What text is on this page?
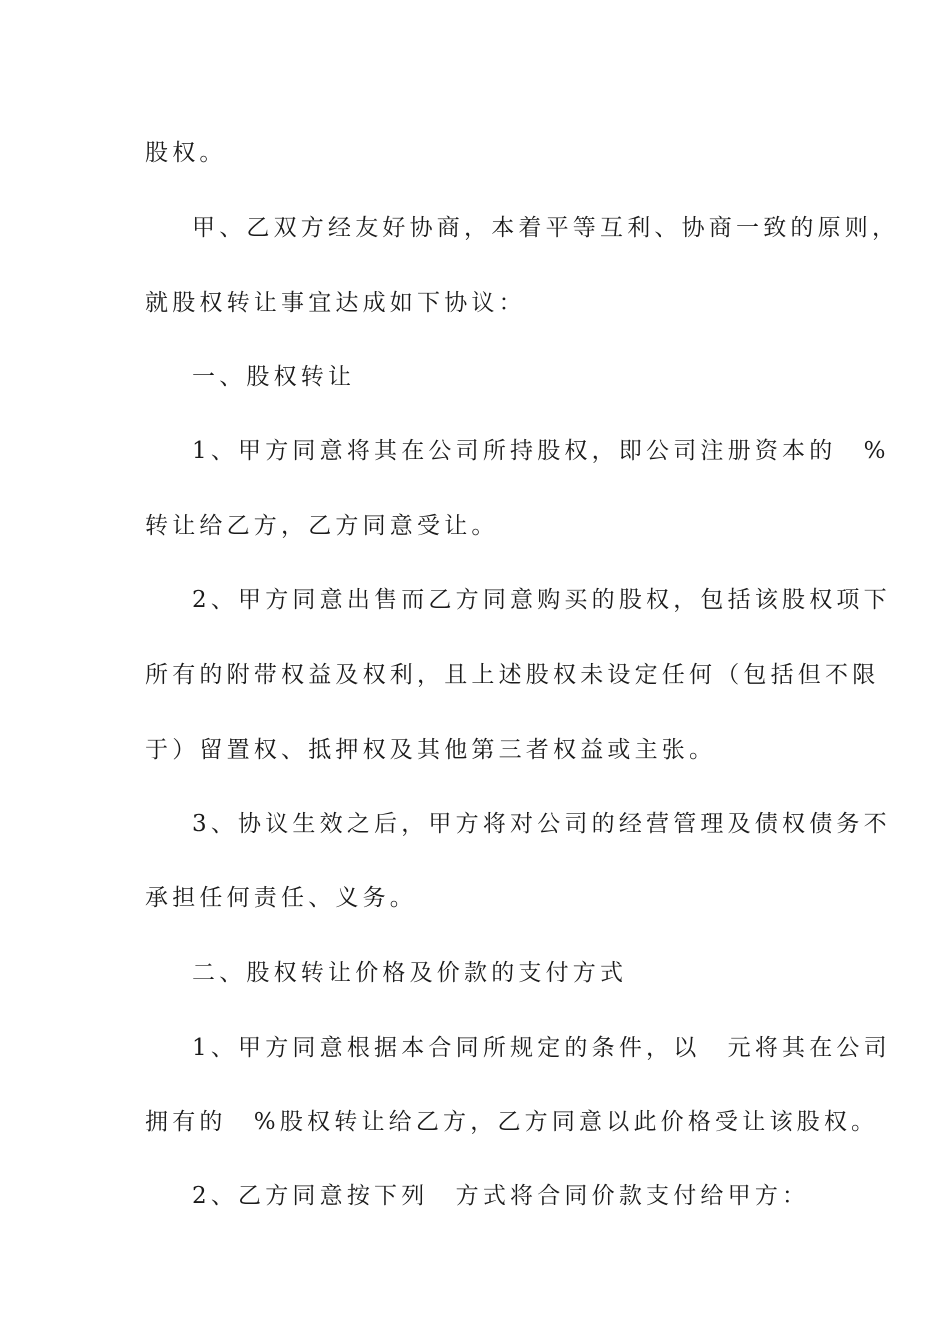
股权。
甲、乙双方经友好协商，本着平等互利、协商一致的原则，
就股权转让事宜达成如下协议：
一、股权转让
1、甲方同意将其在公司所持股权，即公司注册资本的　%
转让给乙方，乙方同意受让。
2、甲方同意出售而乙方同意购买的股权，包括该股权项下
所有的附带权益及权利，且上述股权未设定任何（包括但不限
于）留置权、抵押权及其他第三者权益或主张。
3、协议生效之后，甲方将对公司的经营管理及债权债务不
承担任何责任、义务。
二、股权转让价格及价款的支付方式
1、甲方同意根据本合同所规定的条件，以　元将其在公司
拥有的　%股权转让给乙方，乙方同意以此价格受让该股权。
2、乙方同意按下列　方式将合同价款支付给甲方：
